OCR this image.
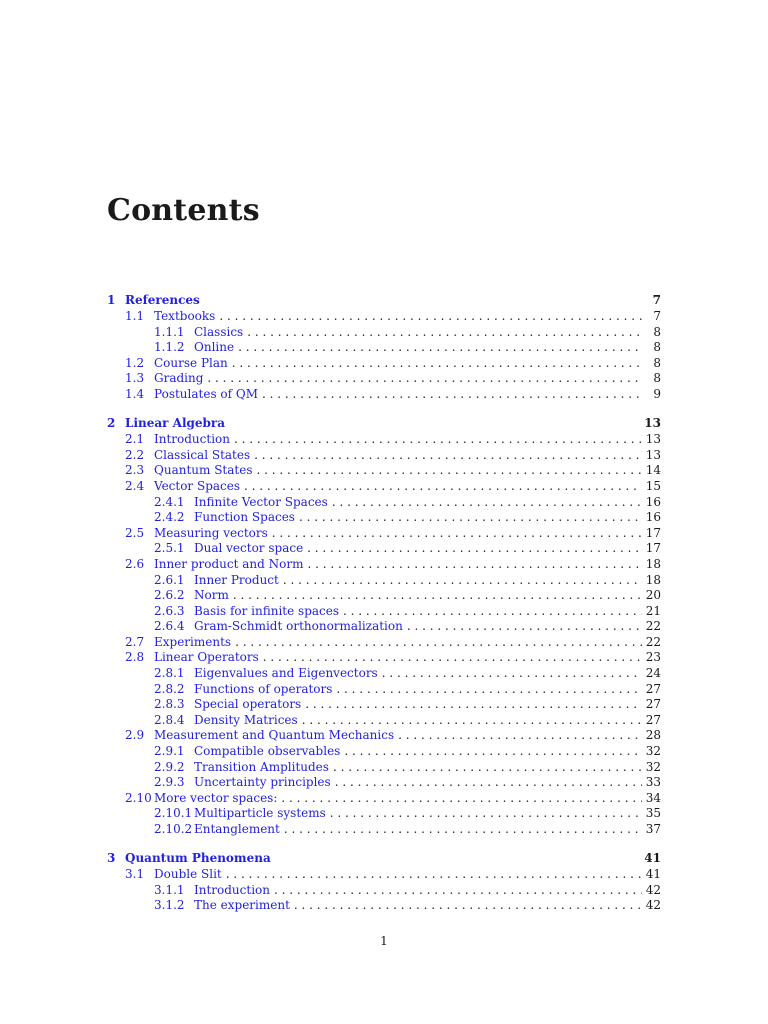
Contents
1 References	7
1.1 Textbooks . . .	7
1.1.1 Classics . . .	8
1.1.2 Online . . .	8
1.2 Course Plan . . .	8
1.3 Grading . . .	8
1.4 Postulates of QM . . .	9
2 Linear Algebra	13
2.1 Introduction . . .	13
2.2 Classical States . . .	13
2.3 Quantum States . . .	14
2.4 Vector Spaces . . .	15
2.4.1 Infinite Vector Spaces . . .	16
2.4.2 Function Spaces . . .	16
2.5 Measuring vectors . . .	17
2.5.1 Dual vector space . . .	17
2.6 Inner product and Norm . . .	18
2.6.1 Inner Product . . .	18
2.6.2 Norm . . .	20
2.6.3 Basis for infinite spaces . . .	21
2.6.4 Gram-Schmidt orthonormalization . . .	22
2.7 Experiments . . .	22
2.8 Linear Operators . . .	23
2.8.1 Eigenvalues and Eigenvectors . . .	24
2.8.2 Functions of operators . . .	27
2.8.3 Special operators . . .	27
2.8.4 Density Matrices . . .	27
2.9 Measurement and Quantum Mechanics . . .	28
2.9.1 Compatible observables . . .	32
2.9.2 Transition Amplitudes . . .	32
2.9.3 Uncertainty principles . . .	33
2.10 More vector spaces: . . .	34
2.10.1 Multiparticle systems . . .	35
2.10.2 Entanglement . . .	37
3 Quantum Phenomena	41
3.1 Double Slit . . .	41
3.1.1 Introduction . . .	42
3.1.2 The experiment . . .	42
1
